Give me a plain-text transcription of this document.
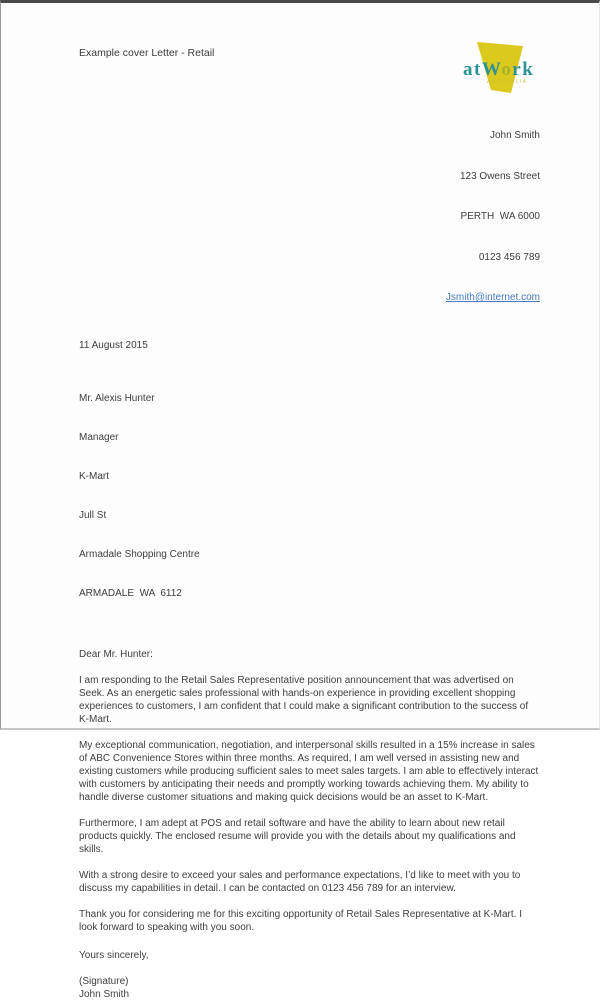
Example cover Letter - Retail
atWork
AUSTRALIA

John Smith

123 Owens Street

PERTH  WA 6000

0123 456 789

Jsmith@internet.com

11 August 2015

Mr. Alexis Hunter

Manager

K-Mart

Jull St

Armadale Shopping Centre

ARMADALE  WA  6112

Dear Mr. Hunter:

I am responding to the Retail Sales Representative position announcement that was advertised on Seek. As an energetic sales professional with hands-on experience in providing excellent shopping experiences to customers, I am confident that I could make a significant contribution to the success of K-Mart.

My exceptional communication, negotiation, and interpersonal skills resulted in a 15% increase in sales of ABC Convenience Stores within three months. As required, I am well versed in assisting new and existing customers while producing sufficient sales to meet sales targets. I am able to effectively interact with customers by anticipating their needs and promptly working towards achieving them. My ability to handle diverse customer situations and making quick decisions would be an asset to K-Mart.

Furthermore, I am adept at POS and retail software and have the ability to learn about new retail products quickly. The enclosed resume will provide you with the details about my qualifications and skills.

With a strong desire to exceed your sales and performance expectations, I’d like to meet with you to discuss my capabilities in detail. I can be contacted on 0123 456 789 for an interview.

Thank you for considering me for this exciting opportunity of Retail Sales Representative at K-Mart. I look forward to speaking with you soon.

Yours sincerely,
(Signature)
John Smith
